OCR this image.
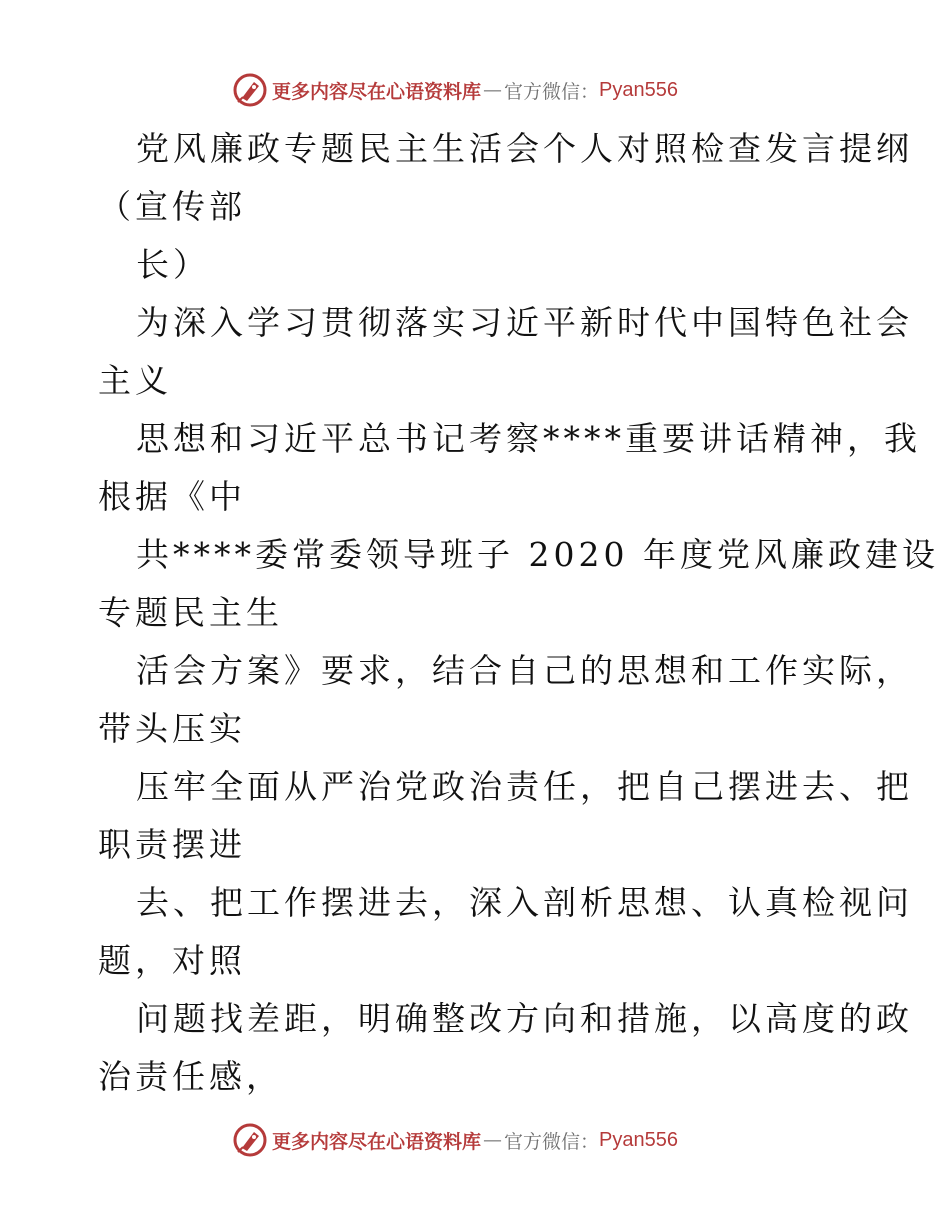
更多内容尽在心语资料库 — 官方微信： Pyan556
党风廉政专题民主生活会个人对照检查发言提纲
（宣传部
长）
为深入学习贯彻落实习近平新时代中国特色社会
主义
思想和习近平总书记考察****重要讲话精神，我
根据《中
共****委常委领导班子 2020 年度党风廉政建设
专题民主生
活会方案》要求，结合自己的思想和工作实际，
带头压实
压牢全面从严治党政治责任，把自己摆进去、把
职责摆进
去、把工作摆进去，深入剖析思想、认真检视问
题，对照
问题找差距，明确整改方向和措施，以高度的政
治责任感，
更多内容尽在心语资料库 — 官方微信： Pyan556
